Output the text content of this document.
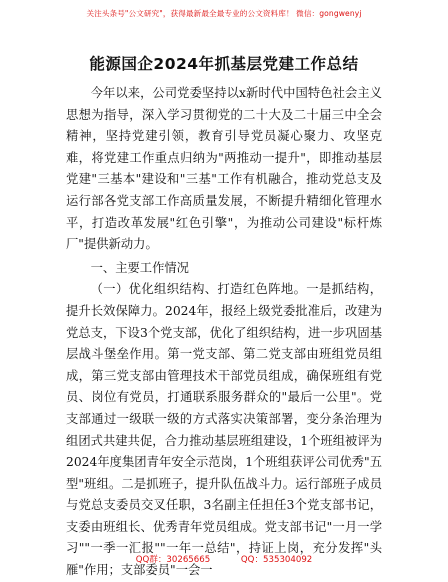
关注头条号"公文研究"，获得最新最全最专业的公文资料库！ 微信：gongwenyj
能源国企2024年抓基层党建工作总结

今年以来，公司党委坚持以x新时代中国特色社会主义思想为指导，深入学习贯彻党的二十大及二十届三中全会精神，坚持党建引领，教育引导党员凝心聚力、攻坚克难，将党建工作重点归纳为"两推动一提升"，即推动基层党建"三基本"建设和"三基"工作有机融合，推动党总支及运行部各党支部工作高质量发展，不断提升精细化管理水平，打造改革发展"红色引擎"，为推动公司建设"标杆炼厂"提供新动力。

一、主要工作情况

（一）优化组织结构、打造红色阵地。一是抓结构，提升长效保障力。2024年，报经上级党委批准后，改建为党总支，下设3个党支部，优化了组织结构，进一步巩固基层战斗堡垒作用。第一党支部、第二党支部由班组党员组成，第三党支部由管理技术干部党员组成，确保班组有党员、岗位有党员，打通联系服务群众的"最后一公里"。党支部通过一级联一级的方式落实决策部署，变分条治理为组团式共建共促，合力推动基层班组建设，1个班组被评为2024年度集团青年安全示范岗，1个班组获评公司优秀"五型"班组。二是抓班子，提升队伍战斗力。运行部班子成员与党总支委员交叉任职，3名副主任担任3个党支部书记，支委由班组长、优秀青年党员组成。党支部书记"一月一学习""一季一汇报""一年一总结"，持证上岗，充分发挥"头雁"作用；支部委员"一会一

QQ群：30265665	QQ：535304092
